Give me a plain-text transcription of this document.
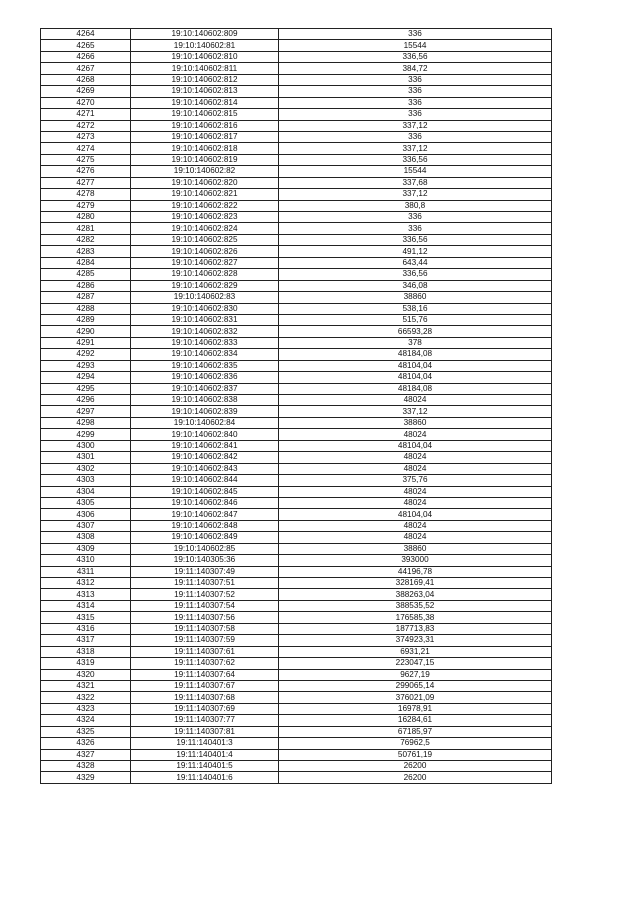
4264	19:10:140602:809	336
4265	19:10:140602:81	15544
4266	19:10:140602:810	336,56
4267	19:10:140602:811	384,72
4268	19:10:140602:812	336
4269	19:10:140602:813	336
4270	19:10:140602:814	336
4271	19:10:140602:815	336
4272	19:10:140602:816	337,12
4273	19:10:140602:817	336
4274	19:10:140602:818	337,12
4275	19:10:140602:819	336,56
4276	19:10:140602:82	15544
4277	19:10:140602:820	337,68
4278	19:10:140602:821	337,12
4279	19:10:140602:822	380,8
4280	19:10:140602:823	336
4281	19:10:140602:824	336
4282	19:10:140602:825	336,56
4283	19:10:140602:826	491,12
4284	19:10:140602:827	643,44
4285	19:10:140602:828	336,56
4286	19:10:140602:829	346,08
4287	19:10:140602:83	38860
4288	19:10:140602:830	538,16
4289	19:10:140602:831	515,76
4290	19:10:140602:832	66593,28
4291	19:10:140602:833	378
4292	19:10:140602:834	48184,08
4293	19:10:140602:835	48104,04
4294	19:10:140602:836	48104,04
4295	19:10:140602:837	48184,08
4296	19:10:140602:838	48024
4297	19:10:140602:839	337,12
4298	19:10:140602:84	38860
4299	19:10:140602:840	48024
4300	19:10:140602:841	48104,04
4301	19:10:140602:842	48024
4302	19:10:140602:843	48024
4303	19:10:140602:844	375,76
4304	19:10:140602:845	48024
4305	19:10:140602:846	48024
4306	19:10:140602:847	48104,04
4307	19:10:140602:848	48024
4308	19:10:140602:849	48024
4309	19:10:140602:85	38860
4310	19:10:140305:36	393000
4311	19:11:140307:49	44196,78
4312	19:11:140307:51	328169,41
4313	19:11:140307:52	388263,04
4314	19:11:140307:54	388535,52
4315	19:11:140307:56	176585,38
4316	19:11:140307:58	187713,83
4317	19:11:140307:59	374923,31
4318	19:11:140307:61	6931,21
4319	19:11:140307:62	223047,15
4320	19:11:140307:64	9627,19
4321	19:11:140307:67	299065,14
4322	19:11:140307:68	376021,09
4323	19:11:140307:69	16978,91
4324	19:11:140307:77	16284,61
4325	19:11:140307:81	67185,97
4326	19:11:140401:3	76962,5
4327	19:11:140401:4	50761,19
4328	19:11:140401:5	26200
4329	19:11:140401:6	26200
